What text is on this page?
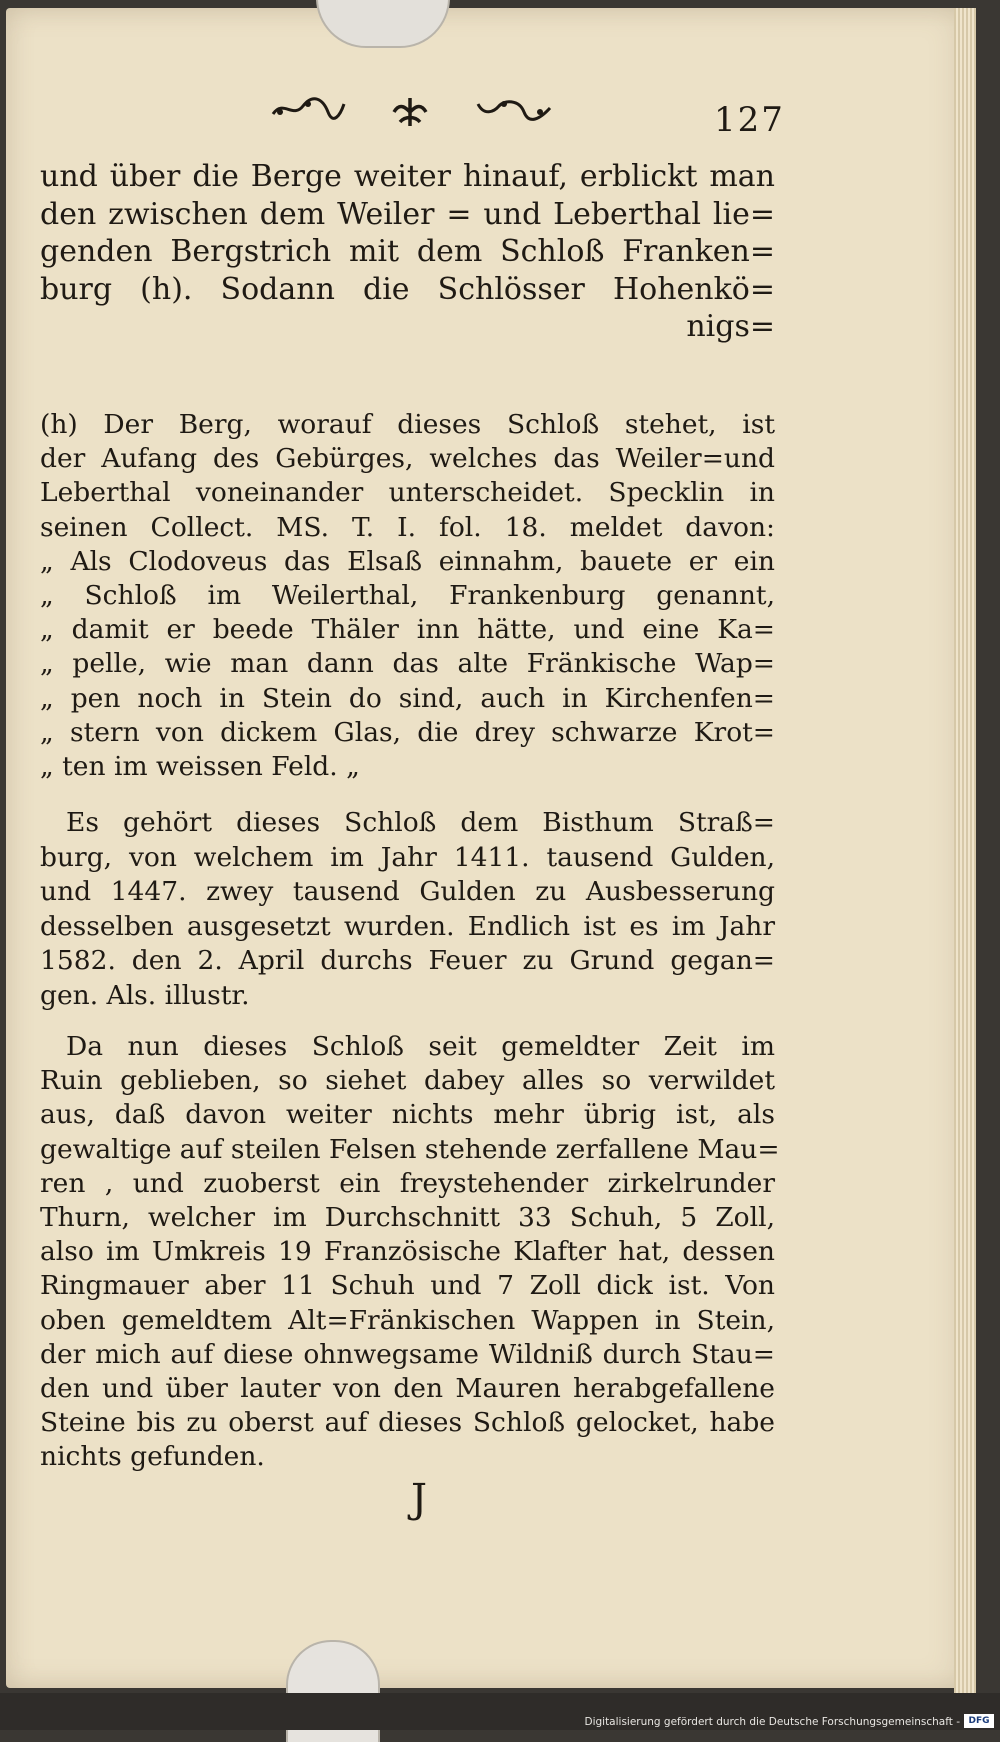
127
und über die Berge weiter hinauf, erblickt man
den zwischen dem Weiler = und Leberthal lie=
genden Bergstrich mit dem Schloß Franken=
burg (h). Sodann die Schlösser Hohenkö=
nigs=
(h) Der Berg, worauf dieses Schloß stehet, ist
der Aufang des Gebürges, welches das Weiler=und
Leberthal voneinander unterscheidet. Specklin in
seinen Collect. MS. T. I. fol. 18. meldet davon:
„ Als Clodoveus das Elsaß einnahm, bauete er ein
„ Schloß im Weilerthal, Frankenburg genannt,
„ damit er beede Thäler inn hätte, und eine Ka=
„ pelle, wie man dann das alte Fränkische Wap=
„ pen noch in Stein do sind, auch in Kirchenfen=
„ stern von dickem Glas, die drey schwarze Krot=
„ ten im weissen Feld. „
Es gehört dieses Schloß dem Bisthum Straß=
burg, von welchem im Jahr 1411. tausend Gulden,
und 1447. zwey tausend Gulden zu Ausbesserung
desselben ausgesetzt wurden. Endlich ist es im Jahr
1582. den 2. April durchs Feuer zu Grund gegan=
gen. Als. illustr.
Da nun dieses Schloß seit gemeldter Zeit im
Ruin geblieben, so siehet dabey alles so verwildet
aus, daß davon weiter nichts mehr übrig ist, als
gewaltige auf steilen Felsen stehende zerfallene Mau=
ren , und zuoberst ein freystehender zirkelrunder
Thurn, welcher im Durchschnitt 33 Schuh, 5 Zoll,
also im Umkreis 19 Französische Klafter hat, dessen
Ringmauer aber 11 Schuh und 7 Zoll dick ist. Von
oben gemeldtem Alt=Fränkischen Wappen in Stein,
der mich auf diese ohnwegsame Wildniß durch Stau=
den und über lauter von den Mauren herabgefallene
Steine bis zu oberst auf dieses Schloß gelocket, habe
nichts gefunden.
J
Digitalisierung gefördert durch die Deutsche Forschungsgemeinschaft - DFG
